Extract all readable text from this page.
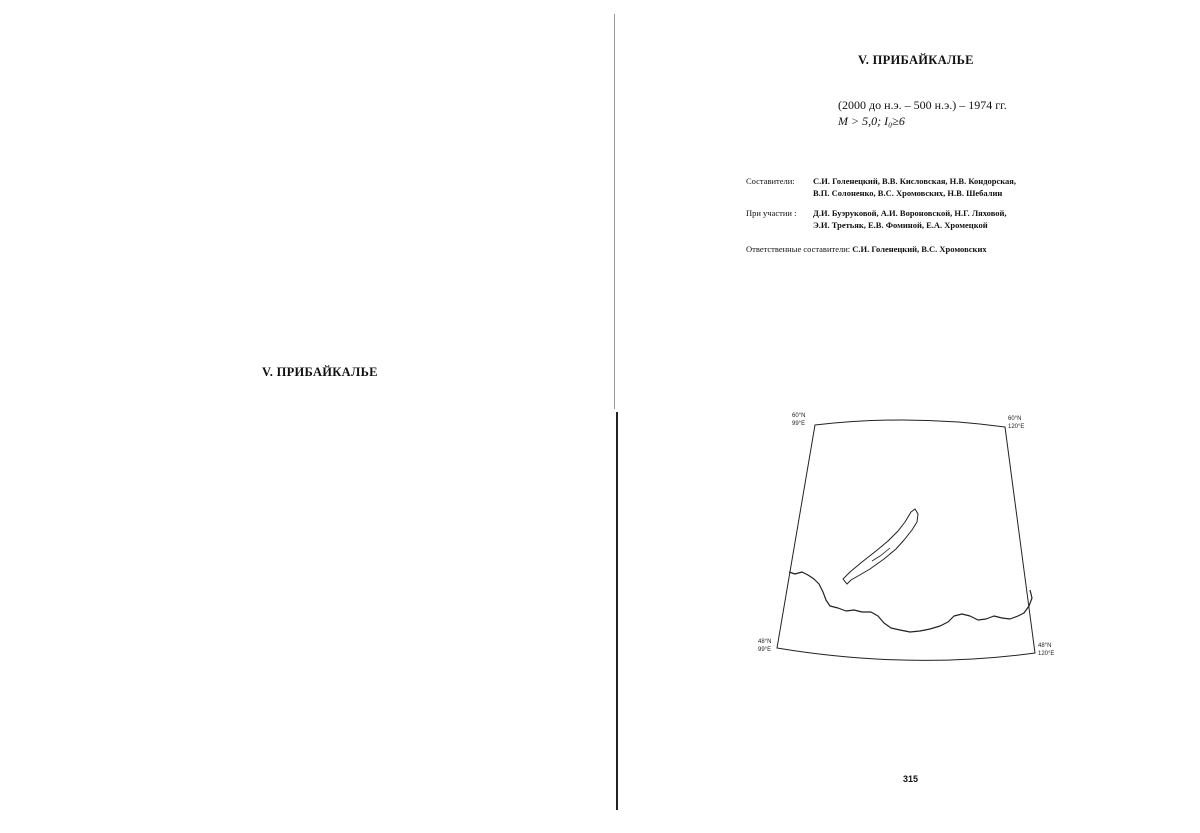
V. ПРИБАЙКАЛЬЕ
V. ПРИБАЙКАЛЬЕ
(2000 до н.э. – 500 н.э.) – 1974 гг.
M > 5,0; I₀≥6
Составители: С.И. Голенецкий, В.В. Кисловская, Н.В. Кондорская,
В.П. Солоненко, В.С. Хромовских, Н.В. Шебалин
При участии : Д.И. Буэруковой, А.И. Вороновской, Н.Г. Ляховой,
Э.И. Третьяк, Е.В. Фоминой, Е.А. Хромецкой
Ответственные составители: С.И. Голенецкий, В.С. Хромовских
60°N
99°E
60°N
120°E
48°N
99°E
48°N
120°E
315
